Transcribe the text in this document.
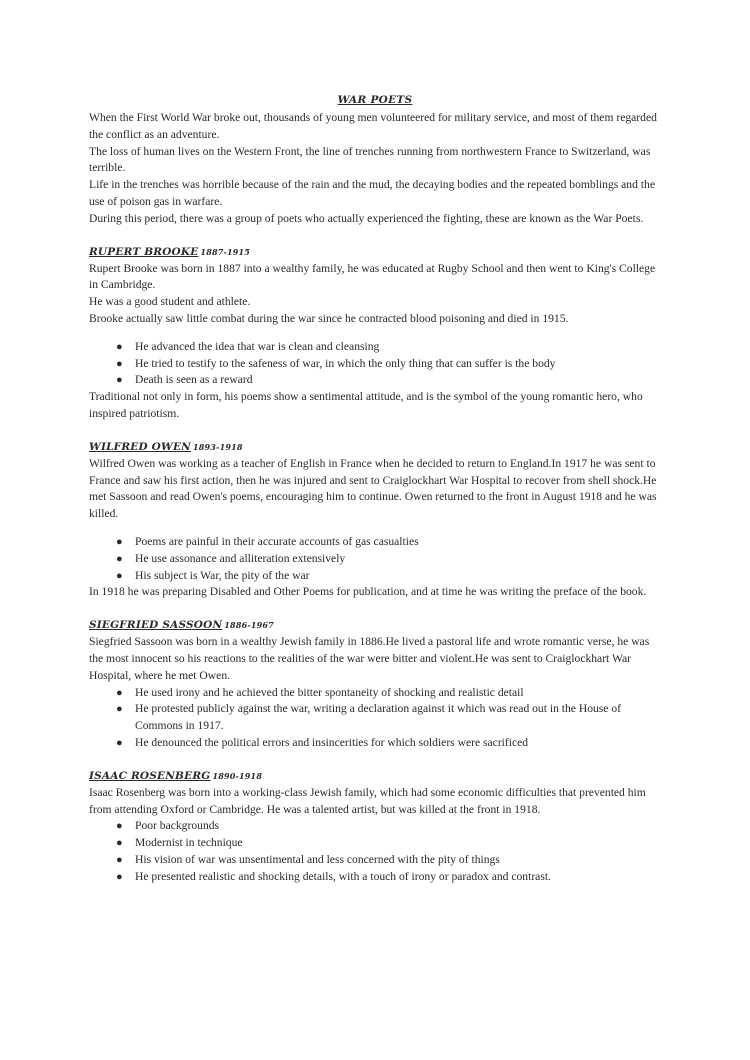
WAR POETS

When the First World War broke out, thousands of young men volunteered for military service, and most of them regarded the conflict as an adventure.

The loss of human lives on the Western Front, the line of trenches running from northwestern France to Switzerland, was terrible.

Life in the trenches was horrible because of the rain and the mud, the decaying bodies and the repeated bomblings and the use of poison gas in warfare.

During this period, there was a group of poets who actually experienced the fighting, these are known as the War Poets.

RUPERT BROOKE 1887-1915

Rupert Brooke was born in 1887 into a wealthy family, he was educated at Rugby School and then went to King's College in Cambridge.

He was a good student and athlete.

Brooke actually saw little combat during the war since he contracted blood poisoning and died in 1915.

● He advanced the idea that war is clean and cleansing
● He tried to testify to the safeness of war, in which the only thing that can suffer is the body
● Death is seen as a reward

Traditional not only in form, his poems show a sentimental attitude, and is the symbol of the young romantic hero, who inspired patriotism.

WILFRED OWEN 1893-1918

Wilfred Owen was working as a teacher of English in France when he decided to return to England.In 1917 he was sent to France and saw his first action, then he was injured and sent to Craiglockhart War Hospital to recover from shell shock.He met Sassoon and read Owen's poems, encouraging him to continue. Owen returned to the front in August 1918 and he was killed.

● Poems are painful in their accurate accounts of gas casualties
● He use assonance and alliteration extensively
● His subject is War, the pity of the war

In 1918 he was preparing Disabled and Other Poems for publication, and at time he was writing the preface of the book.

SIEGFRIED SASSOON 1886-1967

Siegfried Sassoon was born in a wealthy Jewish family in 1886.He lived a pastoral life and wrote romantic verse, he was the most innocent so his reactions to the realities of the war were bitter and violent.He was sent to Craiglockhart War Hospital, where he met Owen.

● He used irony and he achieved the bitter spontaneity of shocking and realistic detail
● He protested publicly against the war, writing a declaration against it which was read out in the House of Commons in 1917.
● He denounced the political errors and insincerities for which soldiers were sacrificed
ISAAC ROSENBERG 1890-1918

Isaac Rosenberg was born into a working-class Jewish family, which had some economic difficulties that prevented him from attending Oxford or Cambridge. He was a talented artist, but was killed at the front in 1918.

● Poor backgrounds
● Modernist in technique
● His vision of war was unsentimental and less concerned with the pity of things
● He presented realistic and shocking details, with a touch of irony or paradox and contrast.
